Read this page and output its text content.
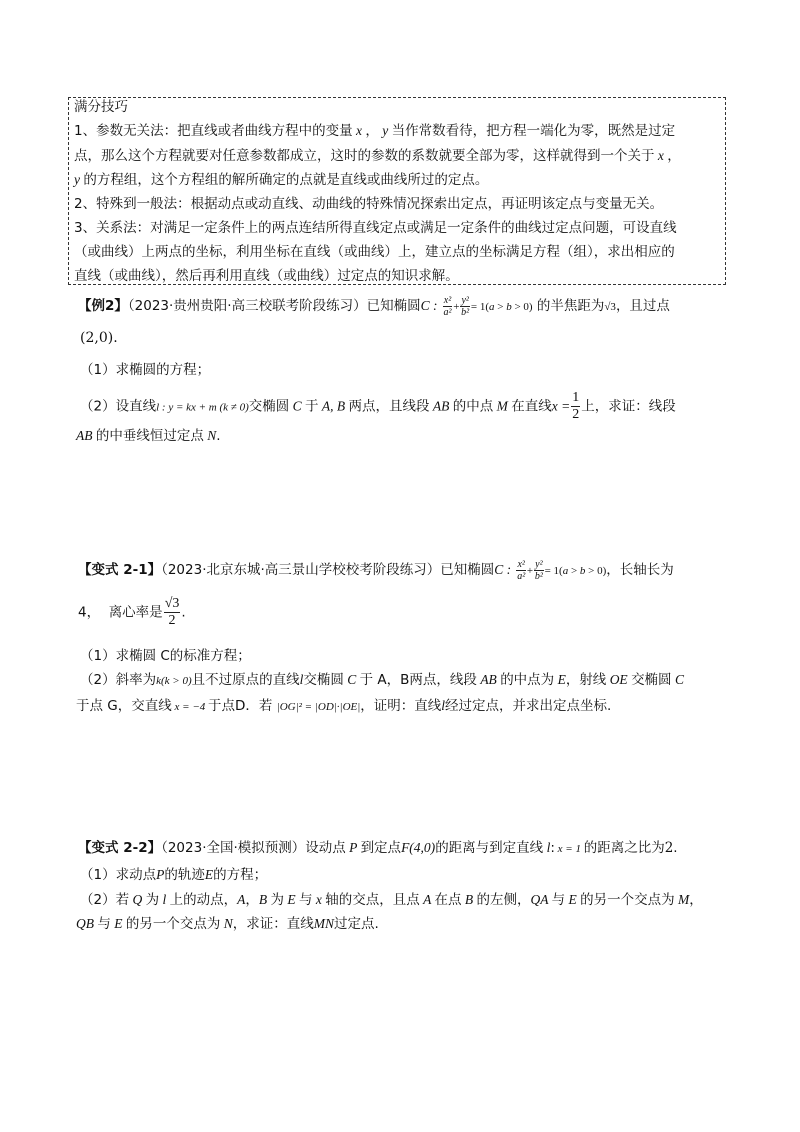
满分技巧
1、参数无关法：把直线或者曲线方程中的变量 x ， y 当作常数看待，把方程一端化为零，既然是过定
点，那么这个方程就要对任意参数都成立，这时的参数的系数就要全部为零，这样就得到一个关于 x ，
y 的方程组，这个方程组的解所确定的点就是直线或曲线所过的定点。
2、特殊到一般法：根据动点或动直线、动曲线的特殊情况探索出定点，再证明该定点与变量无关。
3、关系法：对满足一定条件上的两点连结所得直线定点或满足一定条件的曲线过定点问题，可设直线
（或曲线）上两点的坐标，利用坐标在直线（或曲线）上，建立点的坐标满足方程（组），求出相应的
直线（或曲线），然后再利用直线（或曲线）过定点的知识求解。
【例2】（2023·贵州贵阳·高三校联考阶段练习）已知椭圆C : $\frac{\text{x²}}{\text{a²}} + \frac{\text{y²}}{\text{b²}} = 1(a > b > 0)$ 的半焦距为√3，且过点
(2,0).
（1）求椭圆的方程；
（2）设直线l : y = kx + m (k ≠ 0)交椭圆 C 于 A, B 两点，且线段 AB 的中点 M 在直线$x = \frac{1}{2}$ 上，求证：线段
AB 的中垂线恒过定点 N.
【变式 2-1】（2023·北京东城·高三景山学校校考阶段练习）已知椭圆C : $\frac{\text{x²}}{\text{a²}} + \frac{\text{y²}}{\text{b²}} = 1(a > b > 0)$，长轴长为
4， 离心率是 $\frac{√3}{2}$ .
（1）求椭圆 C的标准方程；
（2）斜率为k(k > 0)且不过原点的直线l交椭圆 C 于 A，B两点，线段 AB 的中点为 E，射线 OE 交椭圆 C
于点 G，交直线 x = −4 于点D．若 |OG|² = |OD|·|OE|，证明：直线l经过定点，并求出定点坐标.
【变式 2-2】（2023·全国·模拟预测）设动点 P 到定点F(4,0)的距离与到定直线 l: x = 1 的距离之比为2.
（1）求动点P的轨迹E的方程；
（2）若 Q 为 l 上的动点，A，B 为 E 与 x 轴的交点，且点 A 在点 B 的左侧，QA 与 E 的另一个交点为 M，
QB 与 E 的另一个交点为 N，求证：直线MN过定点.
